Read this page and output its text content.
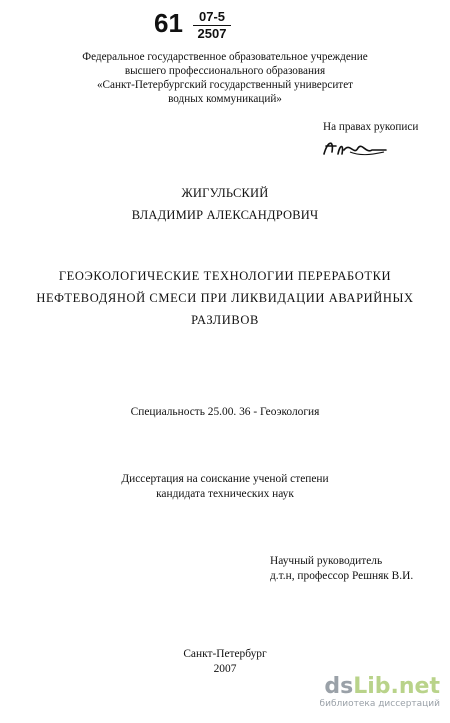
61	07-5
2507
Федеральное государственное образовательное учреждение
высшего профессионального образования
«Санкт-Петербургский государственный университет
водных коммуникаций»
На правах рукописи
ЖИГУЛЬСКИЙ
ВЛАДИМИР АЛЕКСАНДРОВИЧ
ГЕОЭКОЛОГИЧЕСКИЕ ТЕХНОЛОГИИ ПЕРЕРАБОТКИ
НЕФТЕВОДЯНОЙ СМЕСИ ПРИ ЛИКВИДАЦИИ АВАРИЙНЫХ
РАЗЛИВОВ
Специальность 25.00. 36 - Геоэкология
Диссертация на соискание ученой степени
кандидата технических наук
Научный руководитель
д.т.н, профессор Решняк В.И.
Санкт-Петербург
2007
dsLib.net
библиотека диссертаций
